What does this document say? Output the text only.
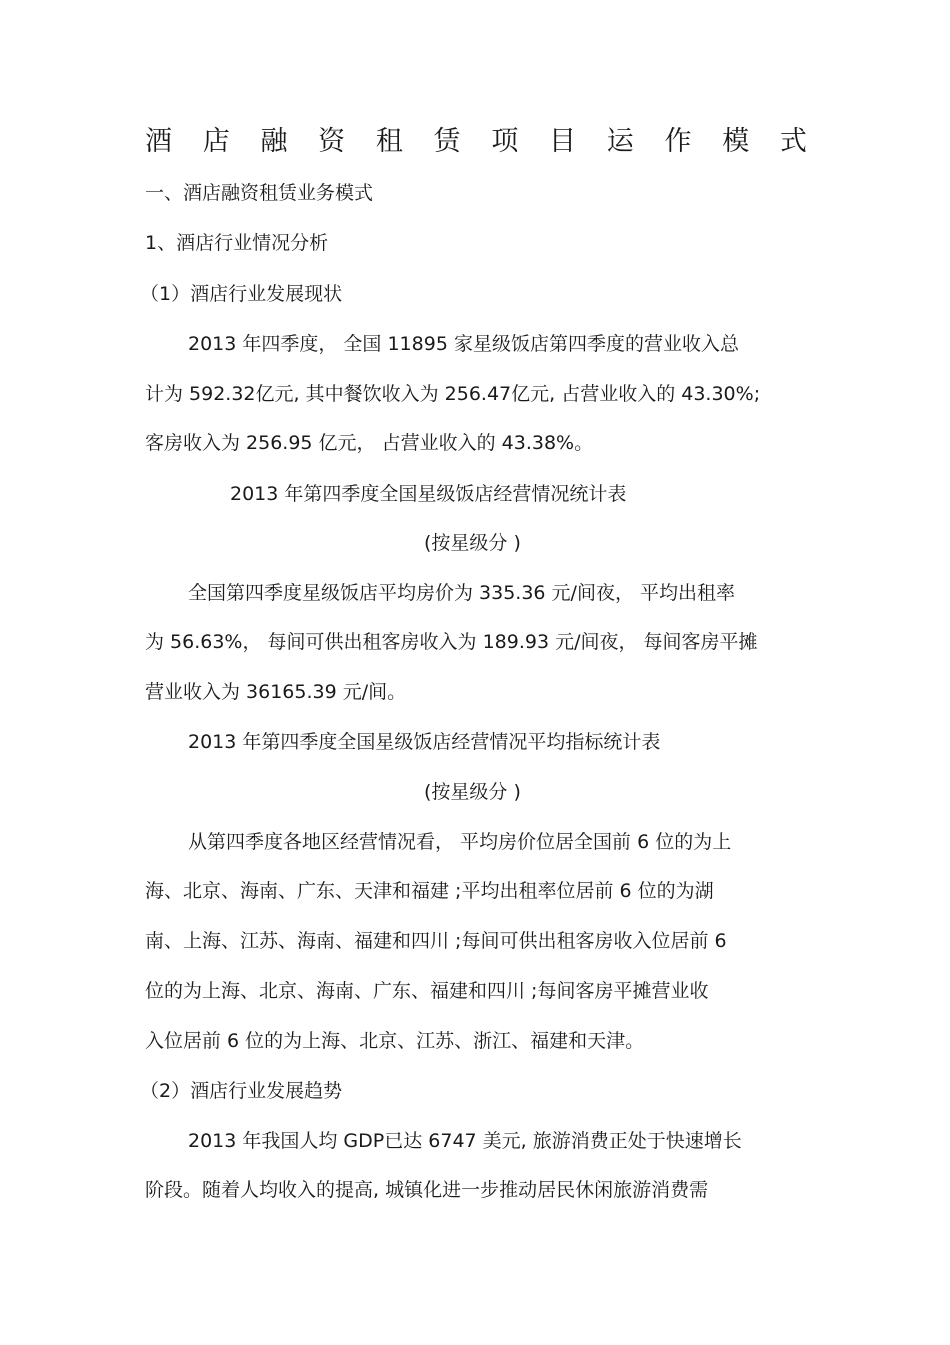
酒 店 融 资 租 赁 项 目 运 作 模 式
一、酒店融资租赁业务模式
1、酒店行业情况分析
（1）酒店行业发展现状
2013 年四季度， 全国 11895 家星级饭店第四季度的营业收入总
计为 592.32亿元, 其中餐饮收入为 256.47亿元, 占营业收入的 43.30%;
客房收入为 256.95 亿元， 占营业收入的 43.38%。
2013 年第四季度全国星级饭店经营情况统计表
(按星级分 )
全国第四季度星级饭店平均房价为 335.36 元/间夜， 平均出租率
为 56.63%， 每间可供出租客房收入为 189.93 元/间夜， 每间客房平摊
营业收入为 36165.39 元/间。
2013 年第四季度全国星级饭店经营情况平均指标统计表
(按星级分 )
从第四季度各地区经营情况看， 平均房价位居全国前 6 位的为上
海、北京、海南、广东、天津和福建 ;平均出租率位居前 6 位的为湖
南、上海、江苏、海南、福建和四川 ;每间可供出租客房收入位居前 6
位的为上海、北京、海南、广东、福建和四川 ;每间客房平摊营业收
入位居前 6 位的为上海、北京、江苏、浙江、福建和天津。
（2）酒店行业发展趋势
2013 年我国人均 GDP已达 6747 美元, 旅游消费正处于快速增长
阶段。随着人均收入的提高, 城镇化进一步推动居民休闲旅游消费需
